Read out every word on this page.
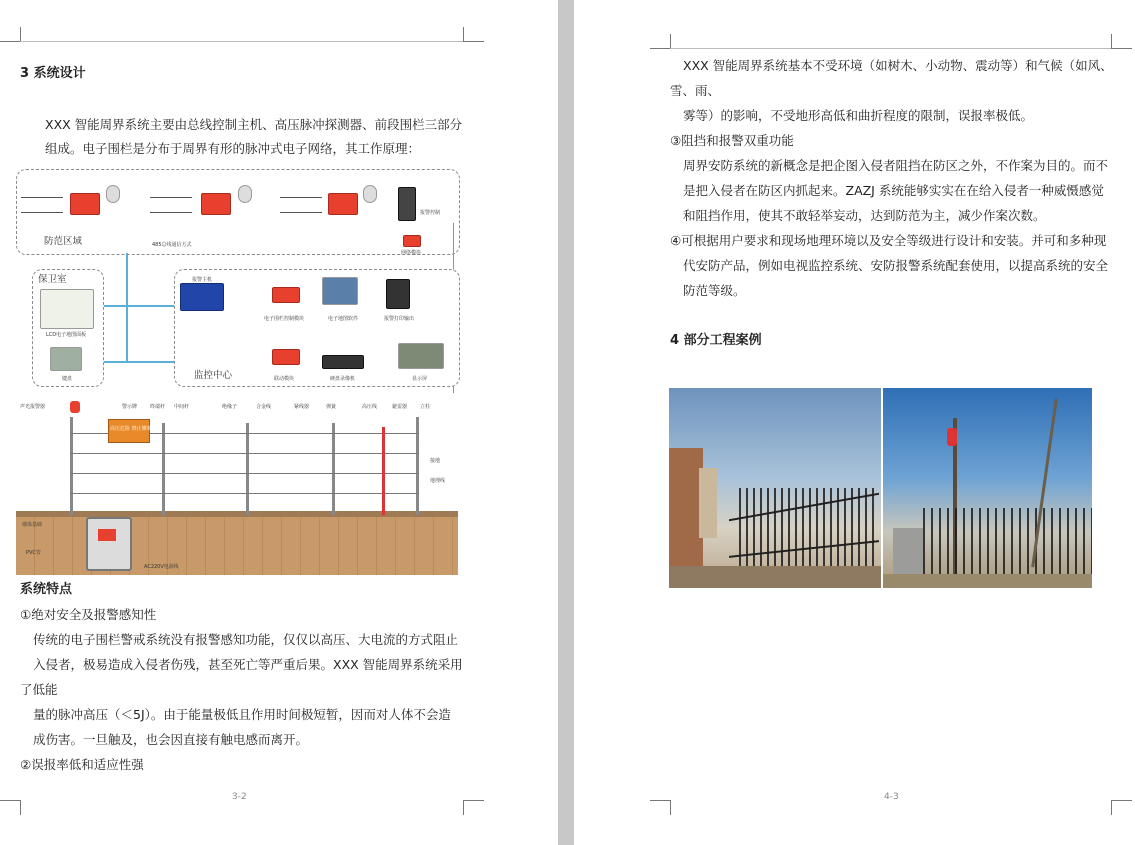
3 系统设计
XXX 智能周界系统主要由总线控制主机、高压脉冲探测器、前段围栏三部分
组成。电子围栏是分布于周界有形的脉冲式电子网络，其工作原理：
防范区域	485总线通信方式
报警控制
网络模块
保卫室
LCD电子地图面板
键盘	监控中心
报警主机
电子围栏控制模块	电子地图软件	报警打印输出
联动模块	硬盘录像机	显示屏
高压危险 禁止攀爬
声光报警器	警示牌	终端杆 中间杆	绝缘子	合金线	紧线器	弹簧	高压线	避雷器	立柱
接地
地埋线
墙体基础
PVC管
AC220V电源线
系统特点
①绝对安全及报警感知性
传统的电子围栏警戒系统没有报警感知功能，仅仅以高压、大电流的方式阻止
入侵者，极易造成入侵者伤残，甚至死亡等严重后果。XXX 智能周界系统采用
了低能
量的脉冲高压（＜5J）。由于能量极低且作用时间极短暂，因而对人体不会造
成伤害。一旦触及，也会因直接有触电感而离开。
②误报率低和适应性强
3-2
XXX 智能周界系统基本不受环境（如树木、小动物、震动等）和气候（如风、
雪、雨、
雾等）的影响，不受地形高低和曲折程度的限制，误报率极低。
③阻挡和报警双重功能
周界安防系统的新概念是把企图入侵者阻挡在防区之外，不作案为目的。而不
是把入侵者在防区内抓起来。ZAZJ 系统能够实实在在给入侵者一种威慑感觉
和阻挡作用，使其不敢轻举妄动，达到防范为主，减少作案次数。
④可根据用户要求和现场地理环境以及安全等级进行设计和安装。并可和多种现
代安防产品，例如电视监控系统、安防报警系统配套使用，以提高系统的安全
防范等级。
4 部分工程案例
4-3
